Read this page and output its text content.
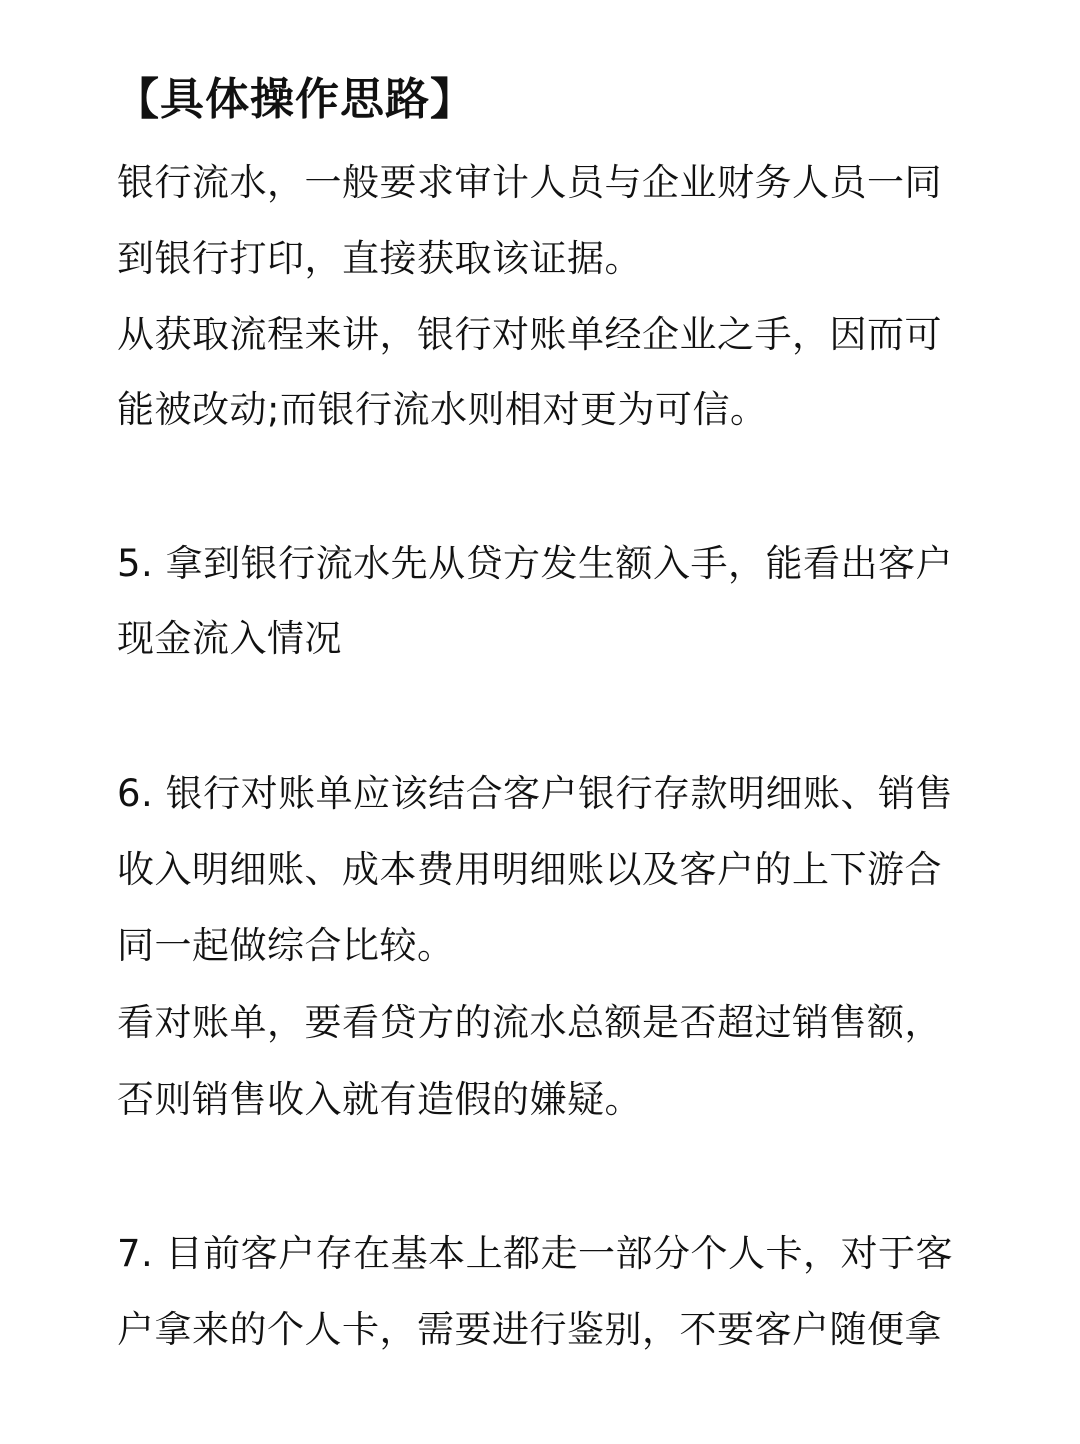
【具体操作思路】
银行流水，一般要求审计人员与企业财务人员一同
到银行打印，直接获取该证据。
从获取流程来讲，银行对账单经企业之手，因而可
能被改动;而银行流水则相对更为可信。
5. 拿到银行流水先从贷方发生额入手，能看出客户
现金流入情况
6. 银行对账单应该结合客户银行存款明细账、销售
收入明细账、成本费用明细账以及客户的上下游合
同一起做综合比较。
看对账单，要看贷方的流水总额是否超过销售额，
否则销售收入就有造假的嫌疑。
7. 目前客户存在基本上都走一部分个人卡，对于客
户拿来的个人卡，需要进行鉴别，不要客户随便拿
